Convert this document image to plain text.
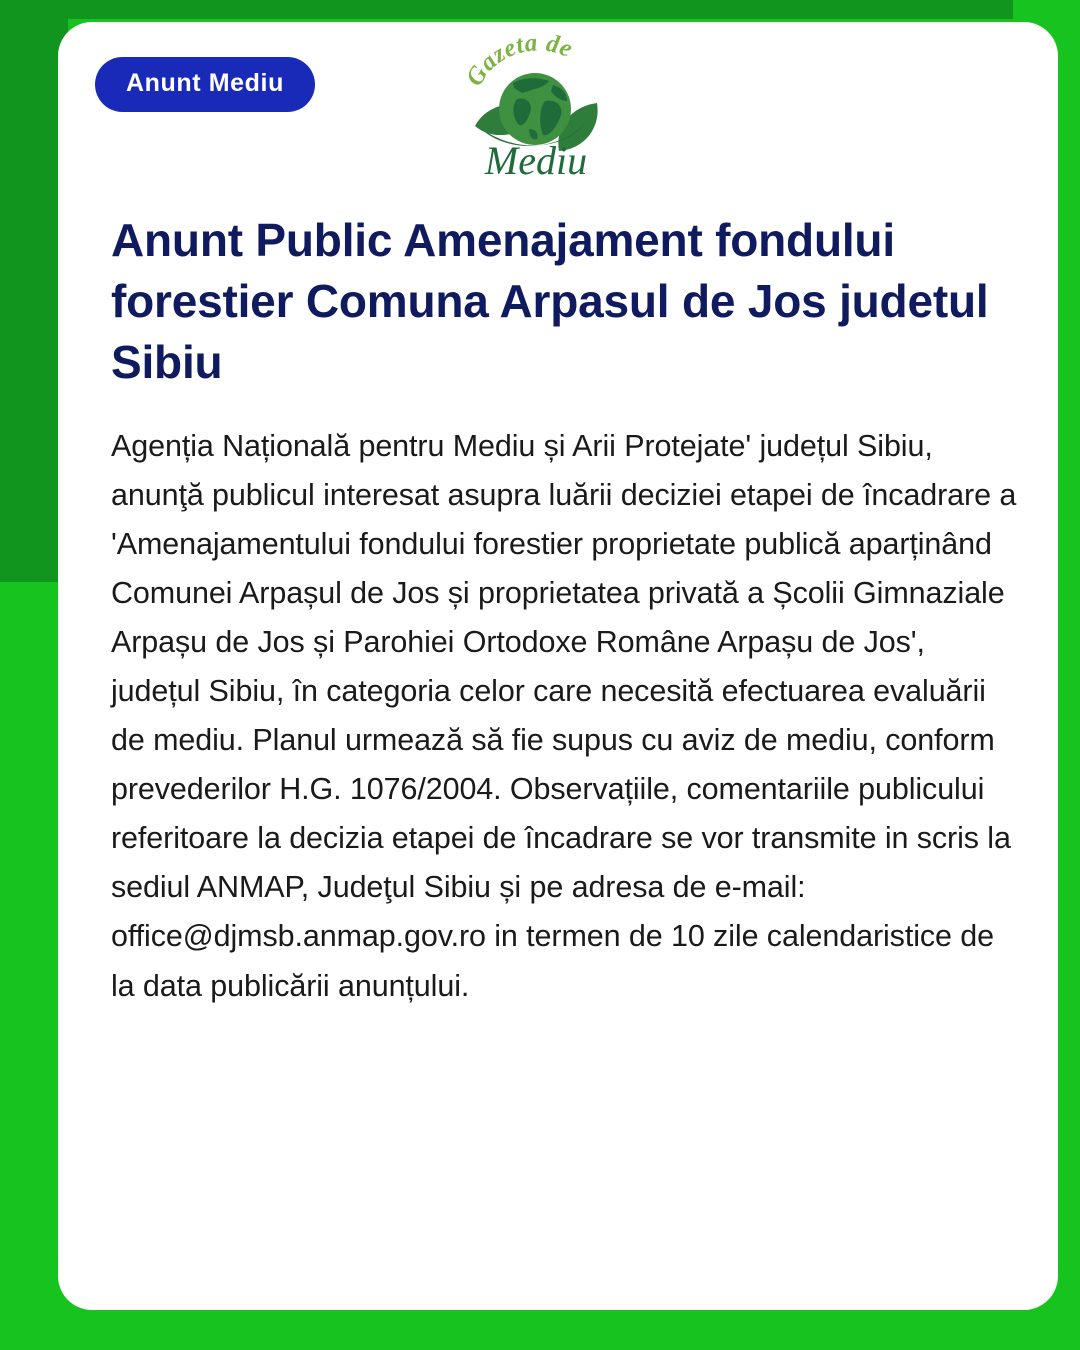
Anunt Mediu	Gazeta de
Mediu
Anunt Public Amenajament fondului forestier Comuna Arpasul de Jos judetul Sibiu

Agenția Națională pentru Mediu și Arii Protejate' județul Sibiu, anunţă publicul interesat asupra luării deciziei etapei de încadrare a 'Amenajamentului fondului forestier proprietate publică aparținând Comunei Arpașul de Jos și proprietatea privată a Școlii Gimnaziale Arpașu de Jos și Parohiei Ortodoxe Române Arpașu de Jos', județul Sibiu, în categoria celor care necesită efectuarea evaluării de mediu. Planul urmează să fie supus cu aviz de mediu, conform prevederilor H.G. 1076/2004. Observațiile, comentariile publicului referitoare la decizia etapei de încadrare se vor transmite in scris la sediul ANMAP, Judeţul Sibiu și pe adresa de e-mail: office@djmsb.anmap.gov.ro in termen de 10 zile calendaristice de la data publicării anunțului.
